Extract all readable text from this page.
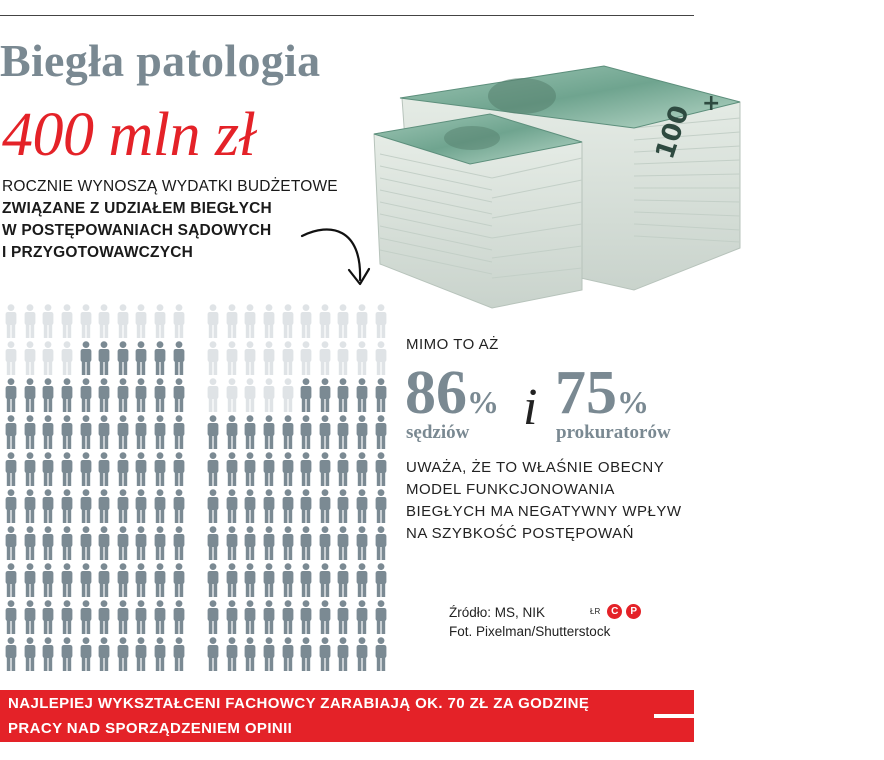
Biegła patologia
400 mln zł
ROCZNIE WYNOSZĄ WYDATKI BUDŻETOWE
ZWIĄZANE Z UDZIAŁEM BIEGŁYCH
W POSTĘPOWANIACH SĄDOWYCH
I PRZYGOTOWAWCZYCH
100 +
MIMO TO AŻ
86%
sędziów i 75%
prokuratorów
UWAŻA, ŻE TO WŁAŚNIE OBECNY
MODEL FUNKCJONOWANIA
BIEGŁYCH MA NEGATYWNY WPŁYW
NA SZYBKOŚĆ POSTĘPOWAŃ
Źródło: MS, NIK
Fot. Pixelman/Shutterstock
ŁR	C	P
NAJLEPIEJ WYKSZTAŁCENI FACHOWCY ZARABIAJĄ OK. 70 ZŁ ZA GODZINĘ
PRACY NAD SPORZĄDZENIEM OPINII
